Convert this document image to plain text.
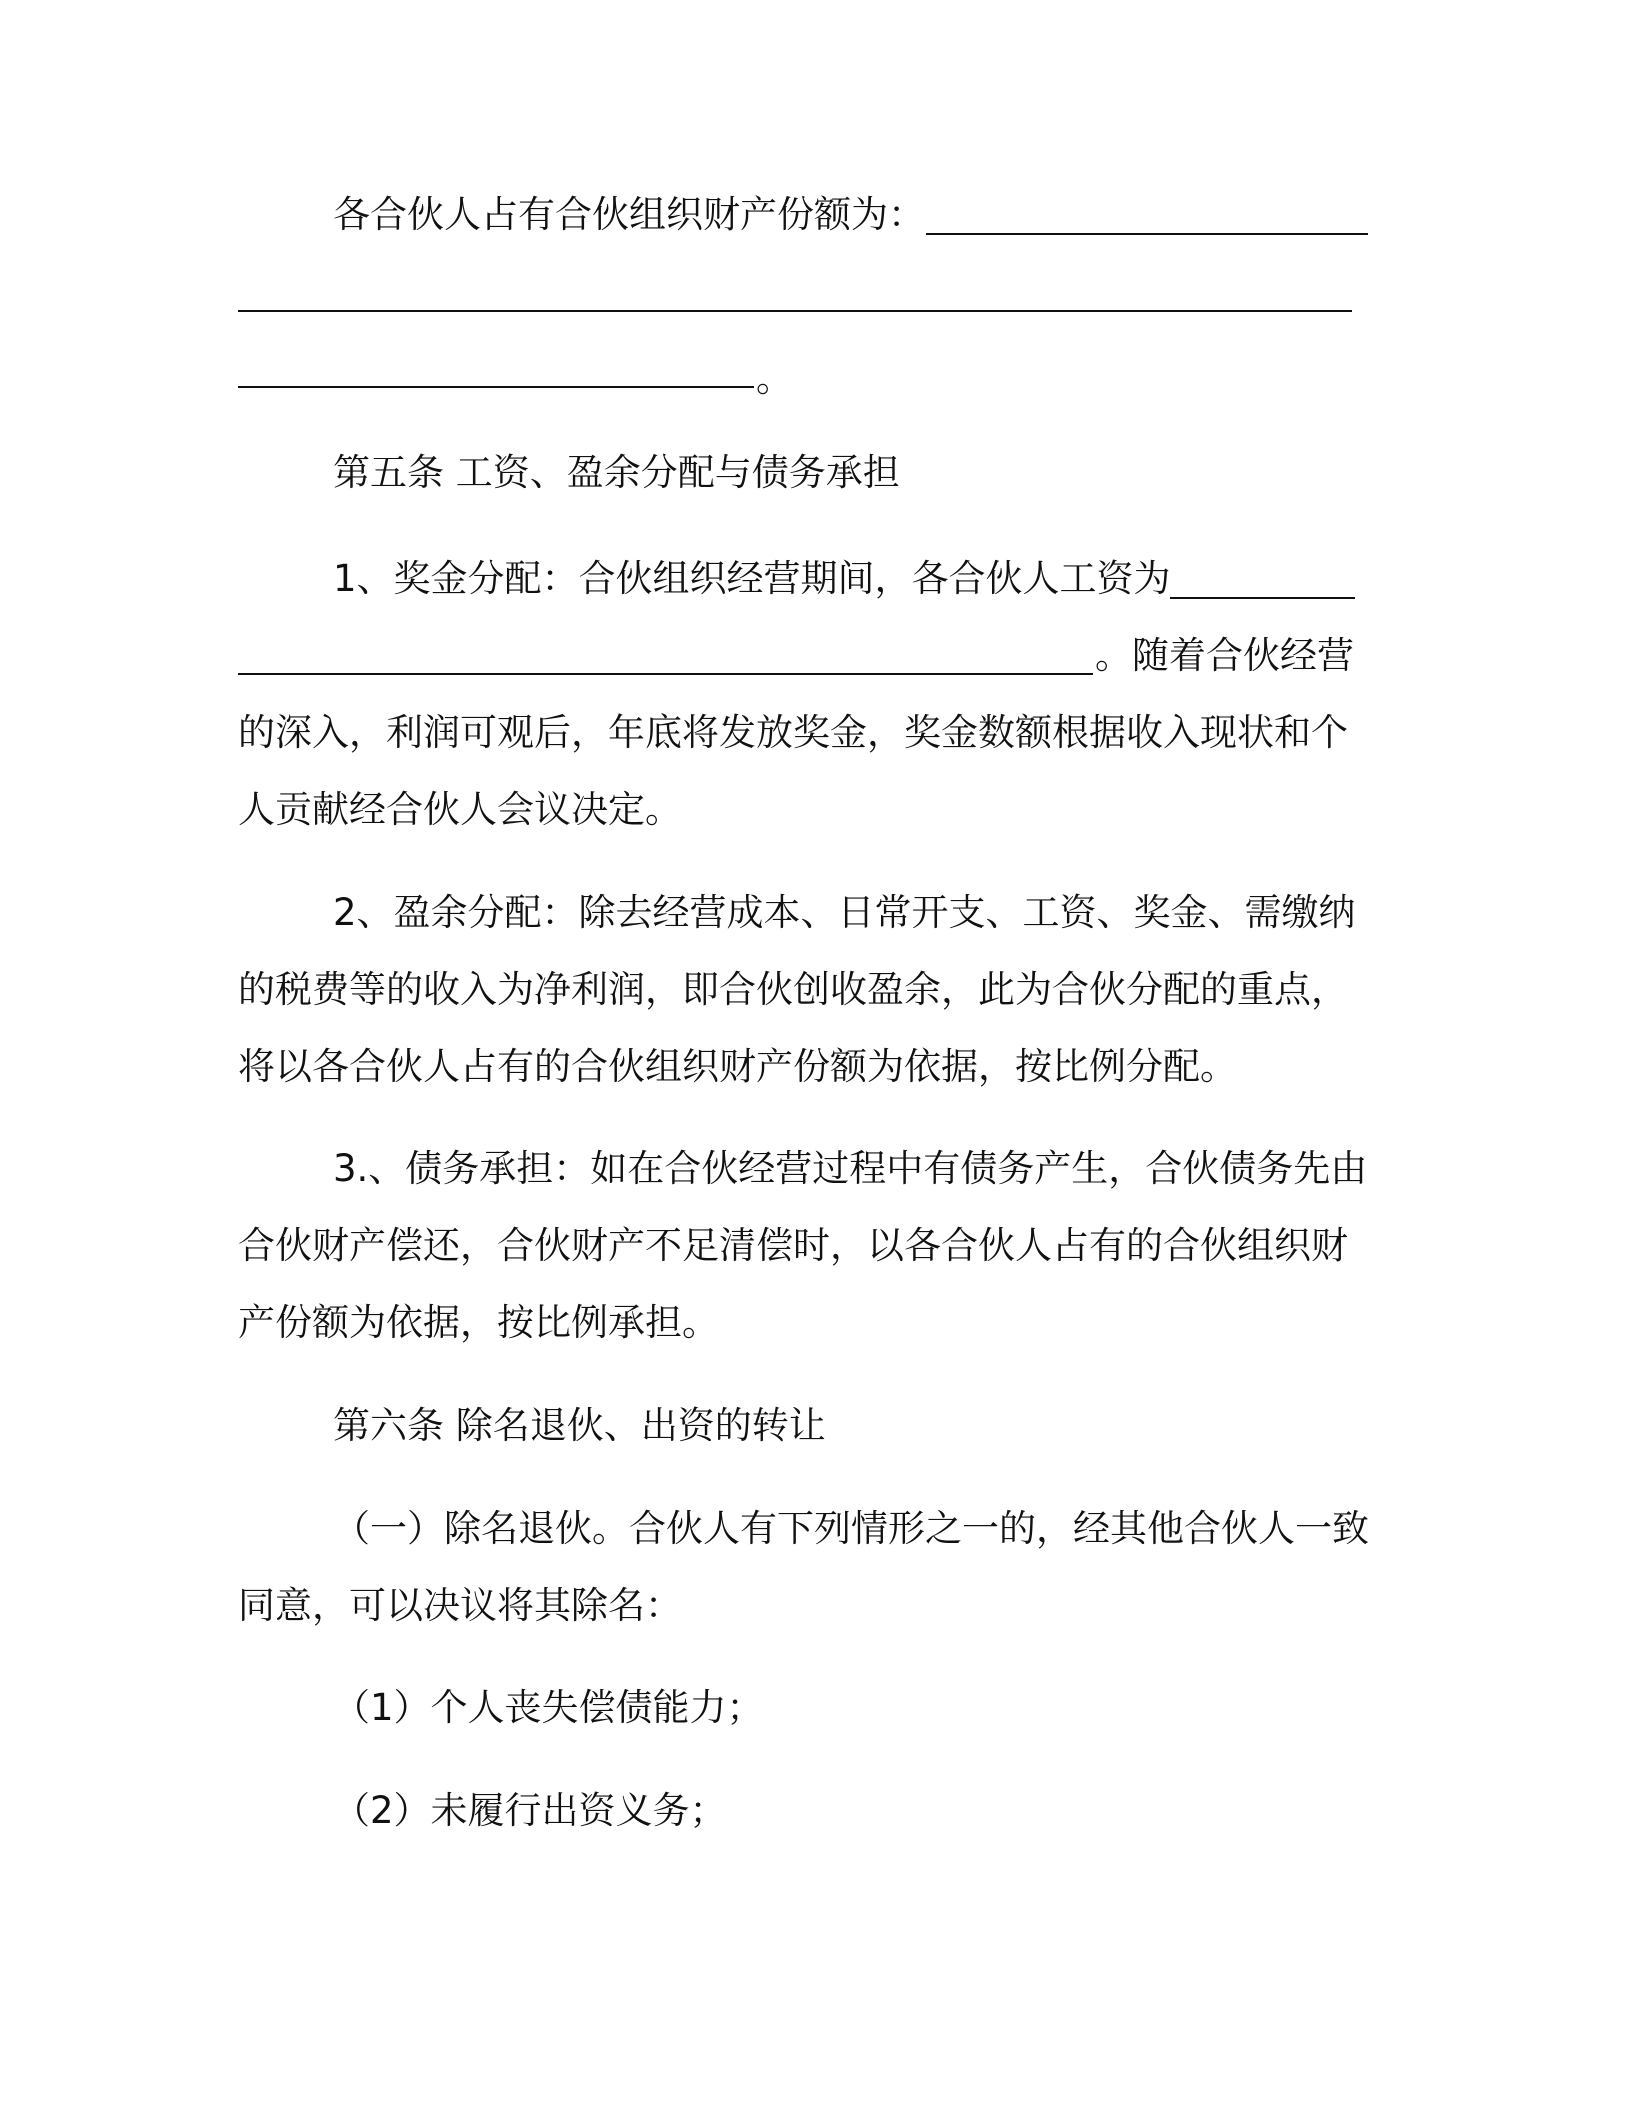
各合伙人占有合伙组织财产份额为：
。
第五条 工资、盈余分配与债务承担
1、奖金分配：合伙组织经营期间，各合伙人工资为
。随着合伙经营
的深入，利润可观后，年底将发放奖金，奖金数额根据收入现状和个
人贡献经合伙人会议决定。
2、盈余分配：除去经营成本、日常开支、工资、奖金、需缴纳
的税费等的收入为净利润，即合伙创收盈余，此为合伙分配的重点，
将以各合伙人占有的合伙组织财产份额为依据，按比例分配。
3.、债务承担：如在合伙经营过程中有债务产生，合伙债务先由
合伙财产偿还，合伙财产不足清偿时，以各合伙人占有的合伙组织财
产份额为依据，按比例承担。
第六条 除名退伙、出资的转让
（一）除名退伙。合伙人有下列情形之一的，经其他合伙人一致
同意，可以决议将其除名：
（1）个人丧失偿债能力；
（2）未履行出资义务；
